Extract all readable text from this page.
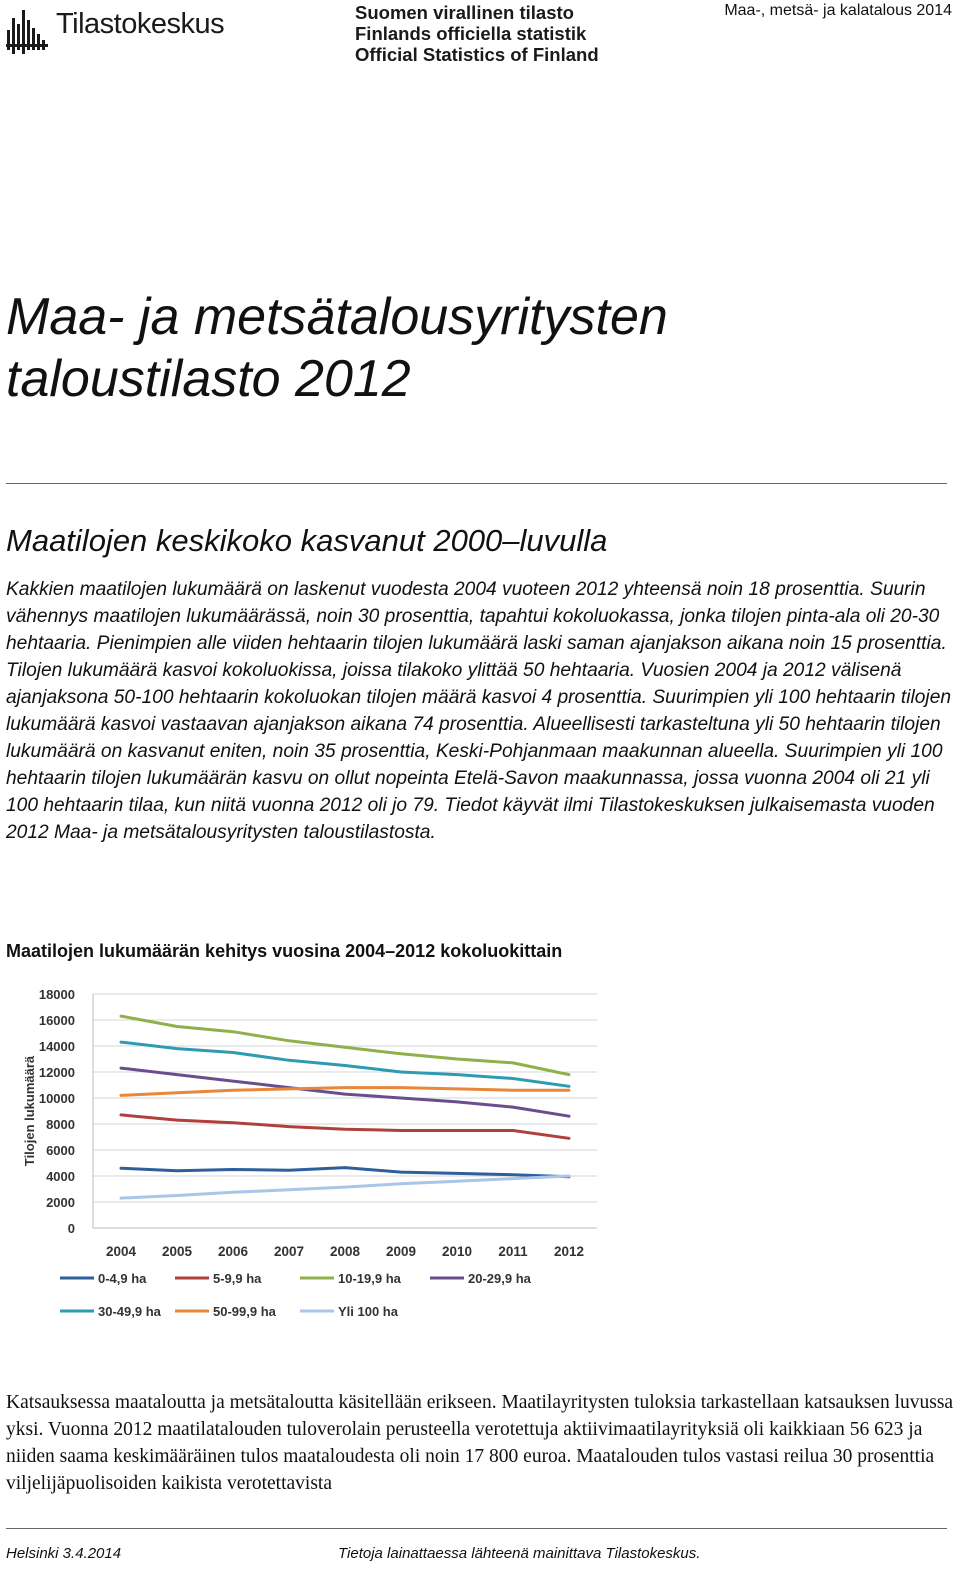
Tilastokeskus	Suomen virallinen tilasto
Finlands officiella statistik
Official Statistics of Finland
Maa-, metsä- ja kalatalous 2014
Maa- ja metsätalousyritysten
taloustilasto 2012
Maatilojen keskikoko kasvanut 2000–luvulla
Kakkien maatilojen lukumäärä on laskenut vuodesta 2004 vuoteen 2012 yhteensä noin 18 prosenttia. Suurin vähennys maatilojen lukumäärässä, noin 30 prosenttia, tapahtui kokoluokassa, jonka tilojen pinta-ala oli 20-30 hehtaaria. Pienimpien alle viiden hehtaarin tilojen lukumäärä laski saman ajanjakson aikana noin 15 prosenttia. Tilojen lukumäärä kasvoi kokoluokissa, joissa tilakoko ylittää 50 hehtaaria. Vuosien 2004 ja 2012 välisenä ajanjaksona 50-100 hehtaarin kokoluokan tilojen määrä kasvoi 4 prosenttia. Suurimpien yli 100 hehtaarin tilojen lukumäärä kasvoi vastaavan ajanjakson aikana 74 prosenttia. Alueellisesti tarkasteltuna yli 50 hehtaarin tilojen lukumäärä on kasvanut eniten, noin 35 prosenttia, Keski-Pohjanmaan maakunnan alueella. Suurimpien yli 100 hehtaarin tilojen lukumäärän kasvu on ollut nopeinta Etelä-Savon maakunnassa, jossa vuonna 2004 oli 21 yli 100 hehtaarin tilaa, kun niitä vuonna 2012 oli jo 79. Tiedot käyvät ilmi Tilastokeskuksen julkaisemasta vuoden 2012 Maa- ja metsätalousyritysten taloustilastosta.
Maatilojen lukumäärän kehitys vuosina 2004–2012 kokoluokittain
0
2000
4000
6000
8000
10000
12000
14000
16000
18000
2004 2005 2006 2007 2008 2009 2010 2011 2012
Tilojen lukumäärä
0-4,9 ha	5-9,9 ha	10-19,9 ha	20-29,9 ha
30-49,9 ha	50-99,9 ha	Yli 100 ha
Katsauksessa maataloutta ja metsätaloutta käsitellään erikseen. Maatilayritysten tuloksia tarkastellaan katsauksen luvussa yksi. Vuonna 2012 maatilatalouden tuloverolain perusteella verotettuja aktiivimaatilayrityksiä oli kaikkiaan 56 623 ja niiden saama keskimääräinen tulos maataloudesta oli noin 17 800 euroa. Maatalouden tulos vastasi reilua 30 prosenttia viljelijäpuolisoiden kaikista verotettavista
Helsinki 3.4.2014	Tietoja lainattaessa lähteenä mainittava Tilastokeskus.
